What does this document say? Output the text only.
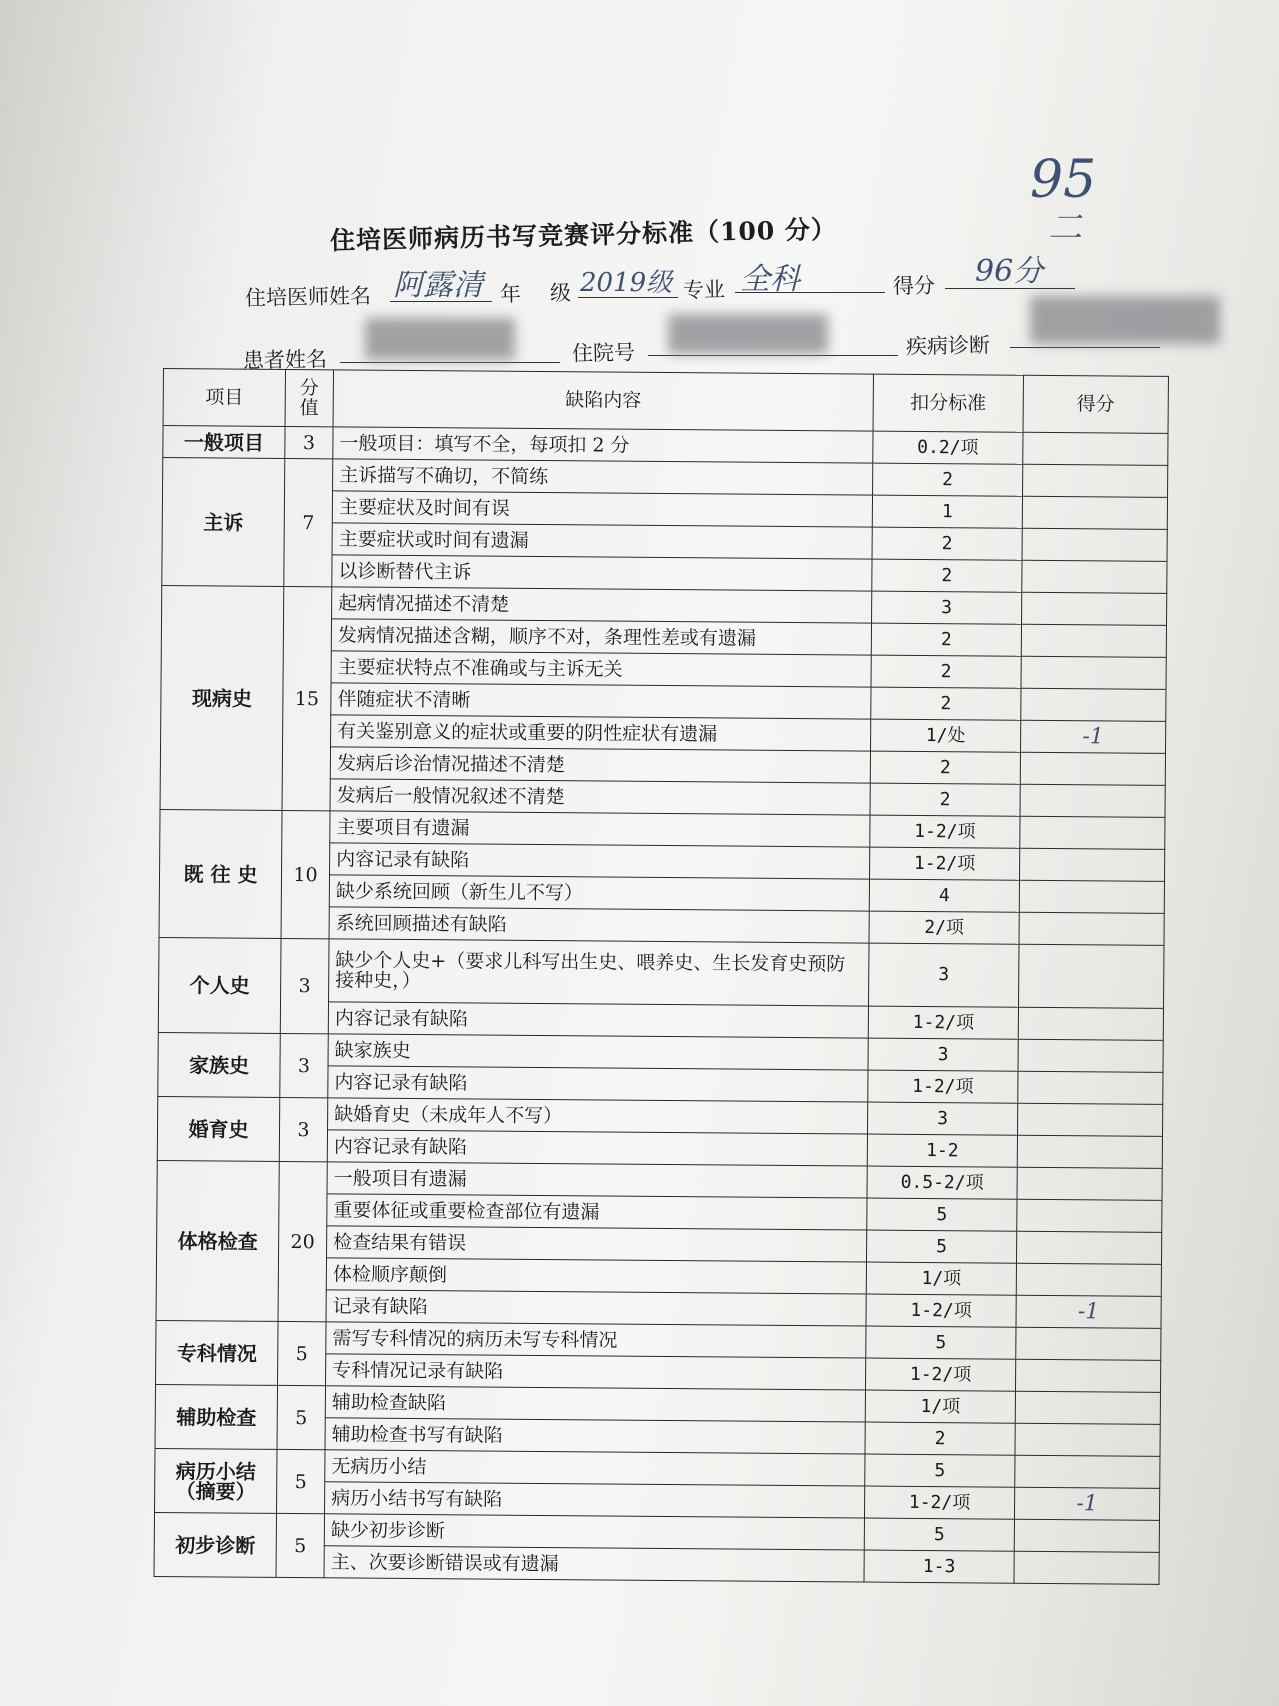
95
二
住培医师病历书写竞赛评分标准（100 分）
住培医师姓名 阿露清 年 级 2019级 专业 全科	得分 96分
患者姓名	住院号	疾病诊断
项目	分值	缺陷内容	扣分标准	得分
一般项目	3	一般项目：填写不全，每项扣 2 分	0.2/项	
主诉	7	主诉描写不确切，不简练	2	
		主要症状及时间有误	1	
		主要症状或时间有遗漏	2	
		以诊断替代主诉	2	
现病史	15	起病情况描述不清楚	3	
		发病情况描述含糊，顺序不对，条理性差或有遗漏	2	
		主要症状特点不准确或与主诉无关	2	
		伴随症状不清晰	2	
		有关鉴别意义的症状或重要的阴性症状有遗漏	1/处	-1
		发病后诊治情况描述不清楚	2	
		发病后一般情况叙述不清楚	2	
既 往 史	10	主要项目有遗漏	1-2/项	
		内容记录有缺陷	1-2/项	
		缺少系统回顾（新生儿不写）	4	
		系统回顾描述有缺陷	2/项	
个人史	3	缺少个人史+（要求儿科写出生史、喂养史、生长发育史预防接种史，）	3	
		内容记录有缺陷	1-2/项	
家族史	3	缺家族史	3	
		内容记录有缺陷	1-2/项	
婚育史	3	缺婚育史（未成年人不写）	3	
		内容记录有缺陷	1-2	
体格检查	20	一般项目有遗漏	0.5-2/项	
		重要体征或重要检查部位有遗漏	5	
		检查结果有错误	5	
		体检顺序颠倒	1/项	
		记录有缺陷	1-2/项	-1
专科情况	5	需写专科情况的病历未写专科情况	5	
		专科情况记录有缺陷	1-2/项	
辅助检查	5	辅助检查缺陷	1/项	
		辅助检查书写有缺陷	2	
病历小结（摘要）	5	无病历小结	5	
		病历小结书写有缺陷	1-2/项	-1
初步诊断	5	缺少初步诊断	5	
		主、次要诊断错误或有遗漏	1-3	
